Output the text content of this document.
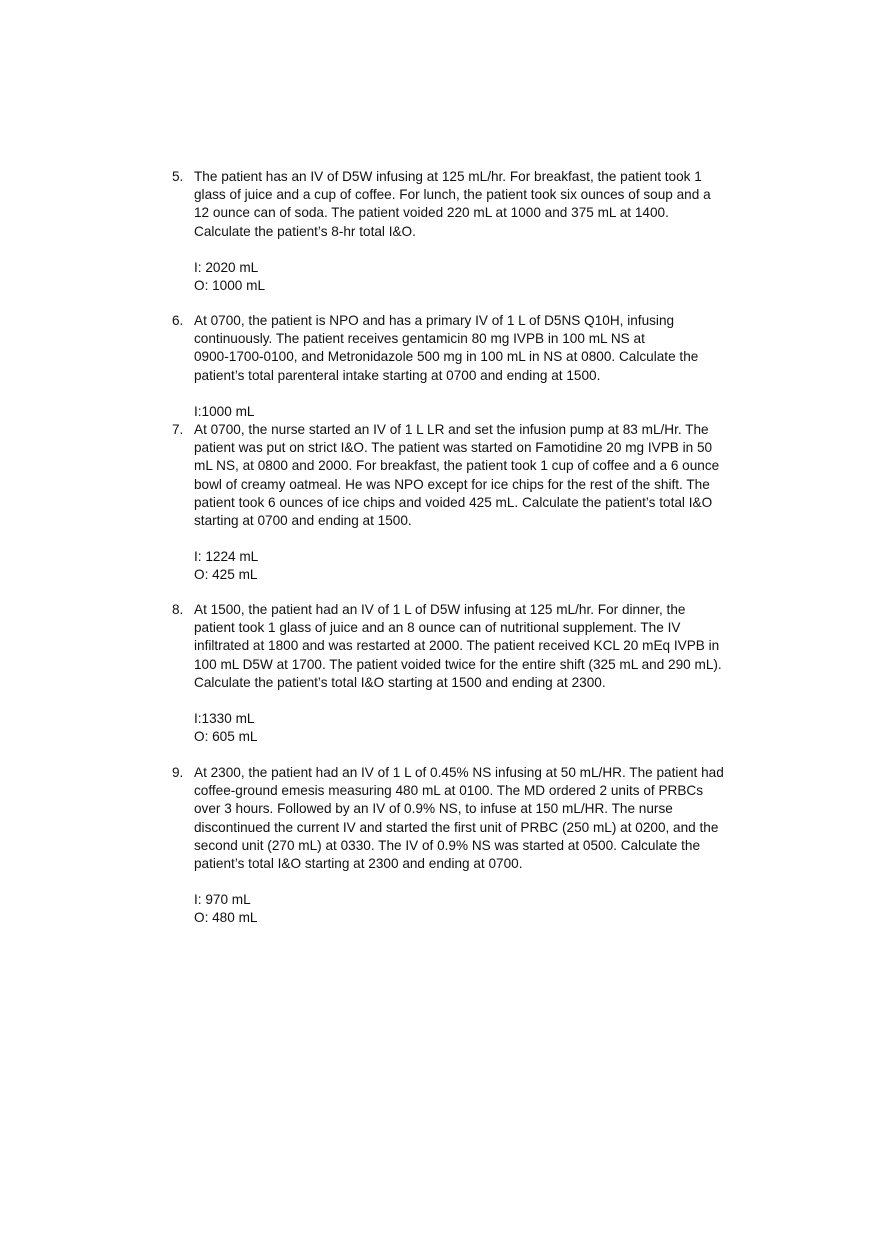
5. The patient has an IV of D5W infusing at 125 mL/hr. For breakfast, the patient took 1
glass of juice and a cup of coffee. For lunch, the patient took six ounces of soup and a
12 ounce can of soda. The patient voided 220 mL at 1000 and 375 mL at 1400.
Calculate the patient’s 8-hr total I&O.
I: 2020 mL
O: 1000 mL
6. At 0700, the patient is NPO and has a primary IV of 1 L of D5NS Q10H, infusing
continuously. The patient receives gentamicin 80 mg IVPB in 100 mL NS at
0900-1700-0100, and Metronidazole 500 mg in 100 mL in NS at 0800. Calculate the
patient’s total parenteral intake starting at 0700 and ending at 1500.
I:1000 mL
7. At 0700, the nurse started an IV of 1 L LR and set the infusion pump at 83 mL/Hr. The
patient was put on strict I&O. The patient was started on Famotidine 20 mg IVPB in 50
mL NS, at 0800 and 2000. For breakfast, the patient took 1 cup of coffee and a 6 ounce
bowl of creamy oatmeal. He was NPO except for ice chips for the rest of the shift. The
patient took 6 ounces of ice chips and voided 425 mL. Calculate the patient’s total I&O
starting at 0700 and ending at 1500.
I: 1224 mL
O: 425 mL
8. At 1500, the patient had an IV of 1 L of D5W infusing at 125 mL/hr. For dinner, the
patient took 1 glass of juice and an 8 ounce can of nutritional supplement. The IV
infiltrated at 1800 and was restarted at 2000. The patient received KCL 20 mEq IVPB in
100 mL D5W at 1700. The patient voided twice for the entire shift (325 mL and 290 mL).
Calculate the patient’s total I&O starting at 1500 and ending at 2300.
I:1330 mL
O: 605 mL
9. At 2300, the patient had an IV of 1 L of 0.45% NS infusing at 50 mL/HR. The patient had
coffee-ground emesis measuring 480 mL at 0100. The MD ordered 2 units of PRBCs
over 3 hours. Followed by an IV of 0.9% NS, to infuse at 150 mL/HR. The nurse
discontinued the current IV and started the first unit of PRBC (250 mL) at 0200, and the
second unit (270 mL) at 0330. The IV of 0.9% NS was started at 0500. Calculate the
patient’s total I&O starting at 2300 and ending at 0700.
I: 970 mL
O: 480 mL
